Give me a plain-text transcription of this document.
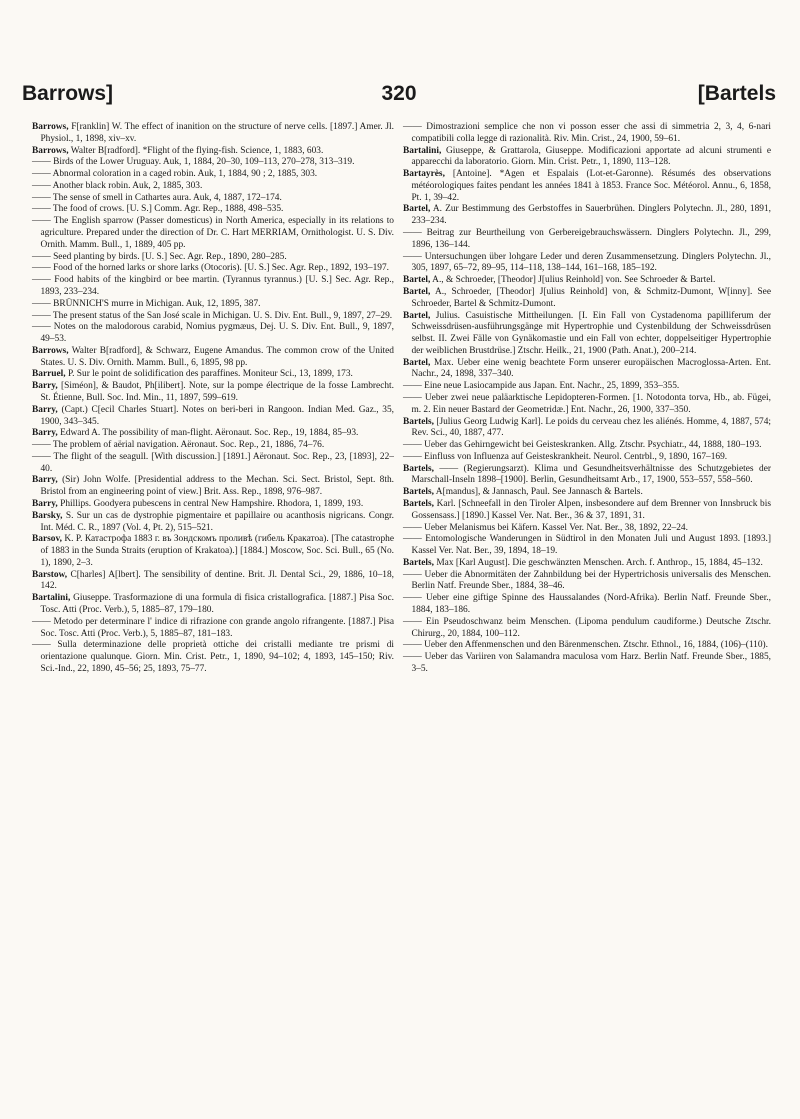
Barrows]	320	[Bartels

Barrows, F[ranklin] W. The effect of inanition on the structure of nerve cells. [1897.] Amer. Jl. Physiol., 1, 1898, xiv–xv.

Barrows, Walter B[radford]. *Flight of the flying-fish. Science, 1, 1883, 603.

—— Birds of the Lower Uruguay. Auk, 1, 1884, 20–30, 109–113, 270–278, 313–319.

—— Abnormal coloration in a caged robin. Auk, 1, 1884, 90 ; 2, 1885, 303.

—— Another black robin. Auk, 2, 1885, 303.

—— The sense of smell in Cathartes aura. Auk, 4, 1887, 172–174.

—— The food of crows. [U. S.] Comm. Agr. Rep., 1888, 498–535.

—— The English sparrow (Passer domesticus) in North America, especially in its relations to agriculture. Prepared under the direction of Dr. C. Hart MERRIAM, Ornithologist. U. S. Div. Ornith. Mamm. Bull., 1, 1889, 405 pp.

—— Seed planting by birds. [U. S.] Sec. Agr. Rep., 1890, 280–285.

—— Food of the horned larks or shore larks (Otocoris). [U. S.] Sec. Agr. Rep., 1892, 193–197.

—— Food habits of the kingbird or bee martin. (Tyrannus tyrannus.) [U. S.] Sec. Agr. Rep., 1893, 233–234.

—— BRÜNNICH'S murre in Michigan. Auk, 12, 1895, 387.

—— The present status of the San José scale in Michigan. U. S. Div. Ent. Bull., 9, 1897, 27–29.

—— Notes on the malodorous carabid, Nomius pygmæus, Dej. U. S. Div. Ent. Bull., 9, 1897, 49–53.

Barrows, Walter B[radford], & Schwarz, Eugene Amandus. The common crow of the United States. U. S. Div. Ornith. Mamm. Bull., 6, 1895, 98 pp.

Barruel, P. Sur le point de solidification des paraffines. Moniteur Sci., 13, 1899, 173.

Barry, [Siméon], & Baudot, Ph[ilibert]. Note, sur la pompe électrique de la fosse Lambrecht. St. Étienne, Bull. Soc. Ind. Min., 11, 1897, 599–619.

Barry, (Capt.) C[ecil Charles Stuart]. Notes on beri-beri in Rangoon. Indian Med. Gaz., 35, 1900, 343–345.

Barry, Edward A. The possibility of man-flight. Aëronaut. Soc. Rep., 19, 1884, 85–93.

—— The problem of aërial navigation. Aëronaut. Soc. Rep., 21, 1886, 74–76.

—— The flight of the seagull. [With discussion.] [1891.] Aëronaut. Soc. Rep., 23, [1893], 22–40.

Barry, (Sir) John Wolfe. [Presidential address to the Mechan. Sci. Sect. Bristol, Sept. 8th. Bristol from an engineering point of view.] Brit. Ass. Rep., 1898, 976–987.

Barry, Phillips. Goodyera pubescens in central New Hampshire. Rhodora, 1, 1899, 193.

Barsky, S. Sur un cas de dystrophie pigmentaire et papillaire ou acanthosis nigricans. Congr. Int. Méd. C. R., 1897 (Vol. 4, Pt. 2), 515–521.

Barsov, K. P. Катастрофа 1883 г. въ Зондскомъ проливѣ (гибель Кракатоа). [The catastrophe of 1883 in the Sunda Straits (eruption of Krakatoa).] [1884.] Moscow, Soc. Sci. Bull., 65 (No. 1), 1890, 2–3.

Barstow, C[harles] A[lbert]. The sensibility of dentine. Brit. Jl. Dental Sci., 29, 1886, 10–18, 142.

Bartalini, Giuseppe. Trasformazione di una formula di fisica cristallografica. [1887.] Pisa Soc. Tosc. Atti (Proc. Verb.), 5, 1885–87, 179–180.

—— Metodo per determinare l' indice di rifrazione con grande angolo rifrangente. [1887.] Pisa Soc. Tosc. Atti (Proc. Verb.), 5, 1885–87, 181–183.

—— Sulla determinazione delle proprietà ottiche dei cristalli mediante tre prismi di orientazione qualunque. Giorn. Min. Crist. Petr., 1, 1890, 94–102; 4, 1893, 145–150; Riv. Sci.-Ind., 22, 1890, 45–56; 25, 1893, 75–77.

—— Dimostrazioni semplice che non vi posson esser che assi di simmetria 2, 3, 4, 6-nari compatibili colla legge di razionalità. Riv. Min. Crist., 24, 1900, 59–61.

Bartalini, Giuseppe, & Grattarola, Giuseppe. Modificazioni apportate ad alcuni strumenti e apparecchi da laboratorio. Giorn. Min. Crist. Petr., 1, 1890, 113–128.

Bartayrès, [Antoine]. *Agen et Espalais (Lot-et-Garonne). Résumés des observations météorologiques faites pendant les années 1841 à 1853. France Soc. Météorol. Annu., 6, 1858, Pt. 1, 39–42.

Bartel, A. Zur Bestimmung des Gerbstoffes in Sauerbrühen. Dinglers Polytechn. Jl., 280, 1891, 233–234.

—— Beitrag zur Beurtheilung von Gerbereigebrauchswässern. Dinglers Polytechn. Jl., 299, 1896, 136–144.

—— Untersuchungen über lohgare Leder und deren Zusammensetzung. Dinglers Polytechn. Jl., 305, 1897, 65–72, 89–95, 114–118, 138–144, 161–168, 185–192.

Bartel, A., & Schroeder, [Theodor] J[ulius Reinhold] von. See Schroeder & Bartel.

Bartel, A., Schroeder, [Theodor] J[ulius Reinhold] von, & Schmitz-Dumont, W[inny]. See Schroeder, Bartel & Schmitz-Dumont.

Bartel, Julius. Casuistische Mittheilungen. [I. Ein Fall von Cystadenoma papilliferum der Schweissdrüsen-ausführungsgänge mit Hypertrophie und Cystenbildung der Schweissdrüsen selbst. II. Zwei Fälle von Gynäkomastie und ein Fall von echter, doppelseitiger Hypertrophie der weiblichen Brustdrüse.] Ztschr. Heilk., 21, 1900 (Path. Anat.), 200–214.

Bartel, Max. Ueber eine wenig beachtete Form unserer europäischen Macroglossa-Arten. Ent. Nachr., 24, 1898, 337–340.

—— Eine neue Lasiocampide aus Japan. Ent. Nachr., 25, 1899, 353–355.

—— Ueber zwei neue paläarktische Lepidopteren-Formen. [1. Notodonta torva, Hb., ab. Fügei, m. 2. Ein neuer Bastard der Geometridæ.] Ent. Nachr., 26, 1900, 337–350.

Bartels, [Julius Georg Ludwig Karl]. Le poids du cerveau chez les aliénés. Homme, 4, 1887, 574; Rev. Sci., 40, 1887, 477.

—— Ueber das Gehirngewicht bei Geisteskranken. Allg. Ztschr. Psychiatr., 44, 1888, 180–193.

—— Einfluss von Influenza auf Geisteskrankheit. Neurol. Centrbl., 9, 1890, 167–169.

Bartels, —— (Regierungsarzt). Klima und Gesundheitsverhältnisse des Schutzgebietes der Marschall-Inseln 1898–[1900]. Berlin, Gesundheitsamt Arb., 17, 1900, 553–557, 558–560.

Bartels, A[mandus], & Jannasch, Paul. See Jannasch & Bartels.

Bartels, Karl. [Schneefall in den Tiroler Alpen, insbesondere auf dem Brenner von Innsbruck bis Gossensass.] [1890.] Kassel Ver. Nat. Ber., 36 & 37, 1891, 31.

—— Ueber Melanismus bei Käfern. Kassel Ver. Nat. Ber., 38, 1892, 22–24.

—— Entomologische Wanderungen in Südtirol in den Monaten Juli und August 1893. [1893.] Kassel Ver. Nat. Ber., 39, 1894, 18–19.

Bartels, Max [Karl August]. Die geschwänzten Menschen. Arch. f. Anthrop., 15, 1884, 45–132.

—— Ueber die Abnormitäten der Zahnbildung bei der Hypertrichosis universalis des Menschen. Berlin Natf. Freunde Sber., 1884, 38–46.

—— Ueber eine giftige Spinne des Haussalandes (Nord-Afrika). Berlin Natf. Freunde Sber., 1884, 183–186.

—— Ein Pseudoschwanz beim Menschen. (Lipoma pendulum caudiforme.) Deutsche Ztschr. Chirurg., 20, 1884, 100–112.

—— Ueber den Affenmenschen und den Bärenmenschen. Ztschr. Ethnol., 16, 1884, (106)–(110).

—— Ueber das Variiren von Salamandra maculosa vom Harz. Berlin Natf. Freunde Sber., 1885, 3–5.
